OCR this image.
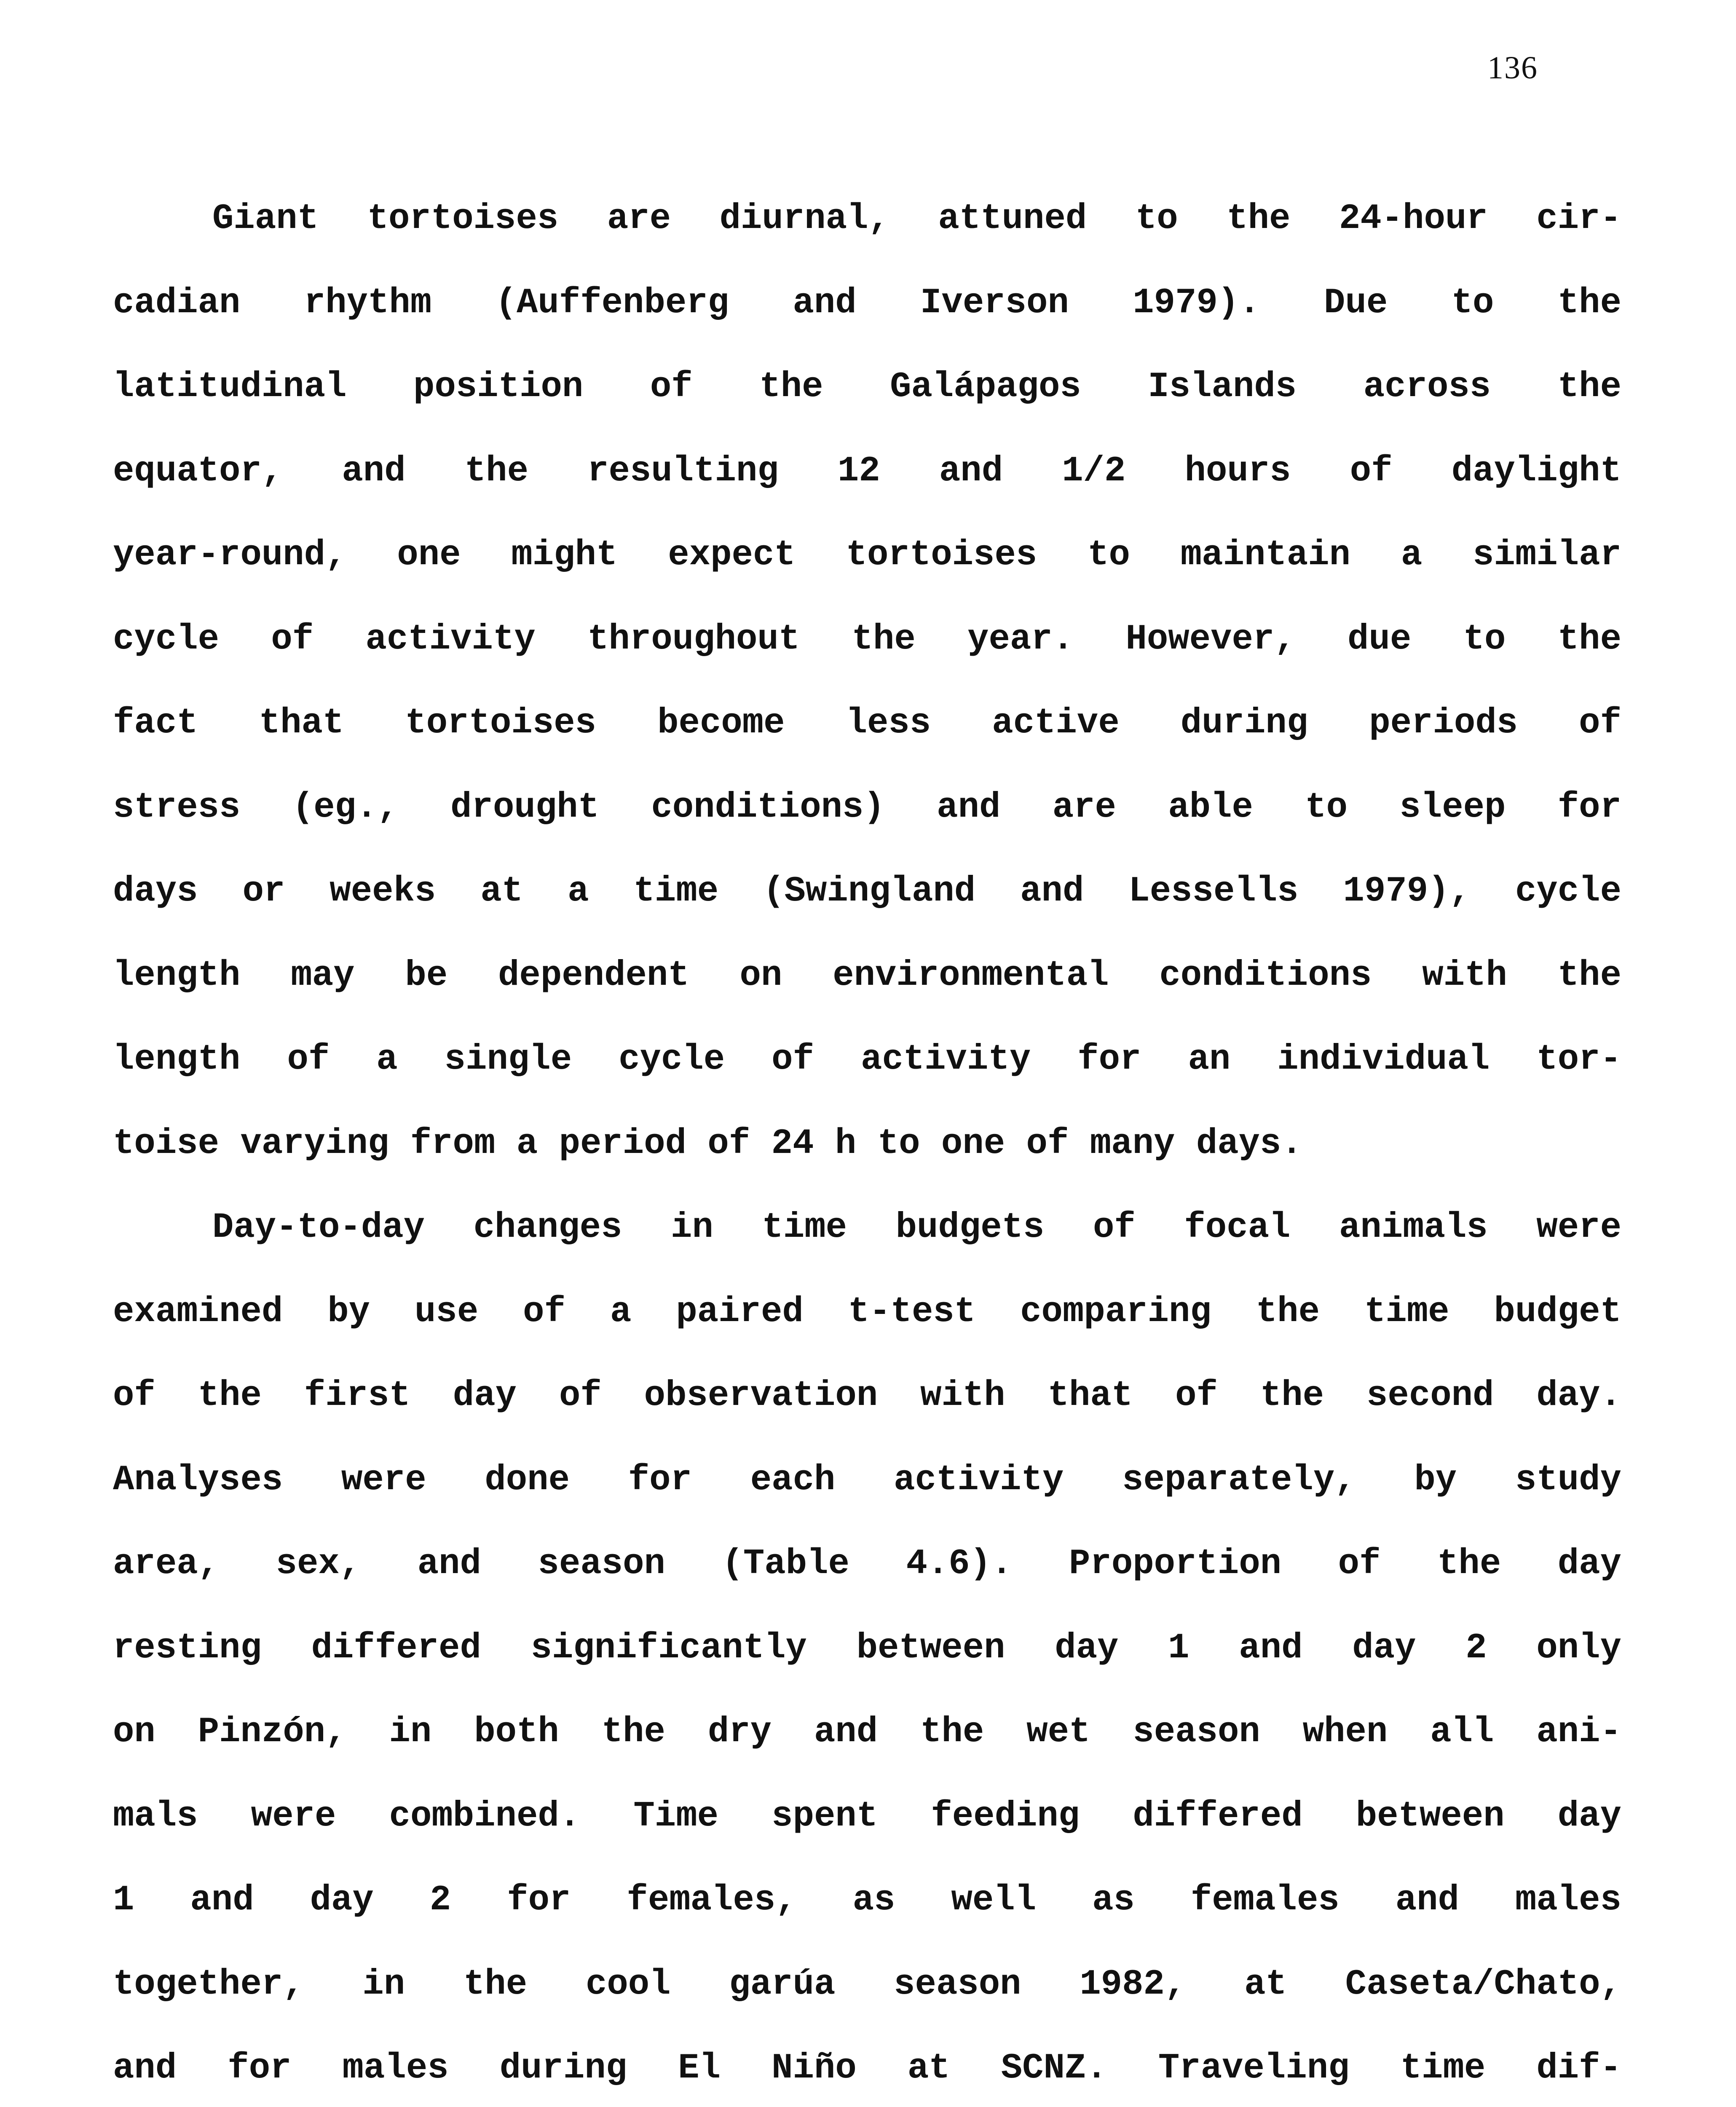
136
Giant tortoises are diurnal, attuned to the 24-hour cir-
cadian rhythm (Auffenberg and Iverson 1979). Due to the
latitudinal position of the Galápagos Islands across the
equator, and the resulting 12 and 1/2 hours of daylight
year-round, one might expect tortoises to maintain a similar
cycle of activity throughout the year. However, due to the
fact that tortoises become less active during periods of
stress (eg., drought conditions) and are able to sleep for
days or weeks at a time (Swingland and Lessells 1979), cycle
length may be dependent on environmental conditions with the
length of a single cycle of activity for an individual tor-
toise varying from a period of 24 h to one of many days.
Day-to-day changes in time budgets of focal animals were
examined by use of a paired t-test comparing the time budget
of the first day of observation with that of the second day.
Analyses were done for each activity separately, by study
area, sex, and season (Table 4.6). Proportion of the day
resting differed significantly between day 1 and day 2 only
on Pinzón, in both the dry and the wet season when all ani-
mals were combined. Time spent feeding differed between day
1 and day 2 for females, as well as females and males
together, in the cool garúa season 1982, at Caseta/Chato,
and for males during El Niño at SCNZ. Traveling time dif-
